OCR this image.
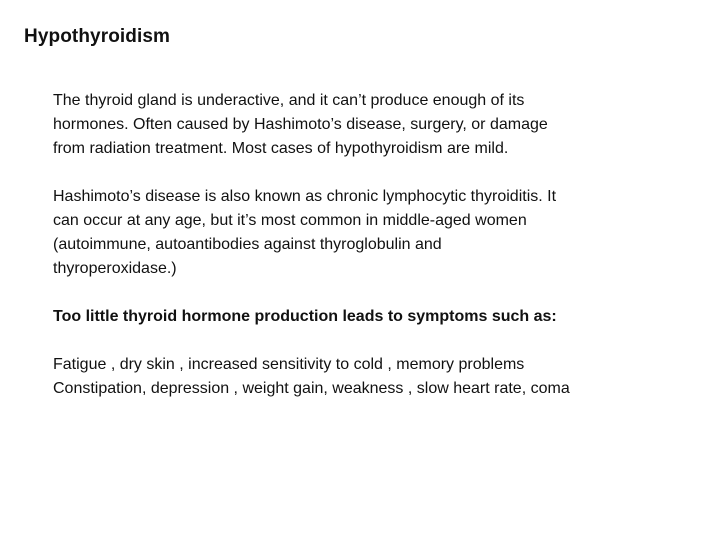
Hypothyroidism
The thyroid gland is underactive, and it can’t produce enough of its
hormones. Often caused by Hashimoto’s disease, surgery, or damage
from radiation treatment. Most cases of hypothyroidism are mild.
Hashimoto’s disease is also known as chronic lymphocytic thyroiditis. It
can occur at any age, but it’s most common in middle-aged women
(autoimmune, autoantibodies against thyroglobulin and
thyroperoxidase.)
Too little thyroid hormone production leads to symptoms such as:
Fatigue , dry skin , increased sensitivity to cold , memory problems
Constipation, depression , weight gain, weakness , slow heart rate, coma
